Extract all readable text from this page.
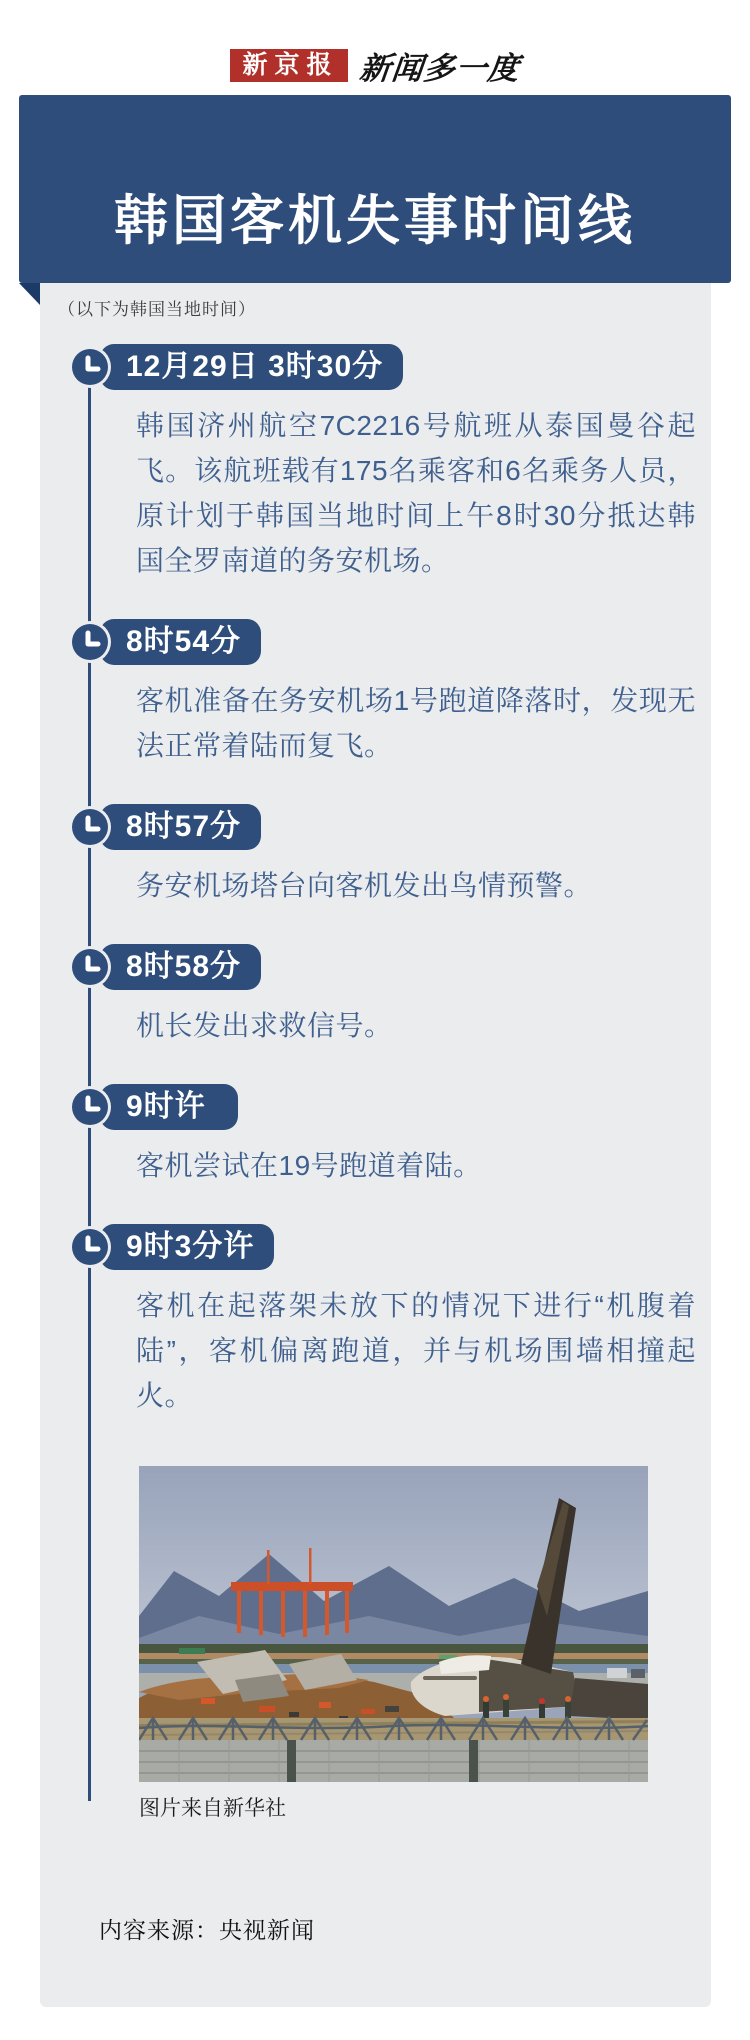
新京报 新闻多一度
韩国客机失事时间线
（以下为韩国当地时间）
12月29日 3时30分

韩国济州航空7C2216号航班从泰国曼谷起飞。该航班载有175名乘客和6名乘务人员，原计划于韩国当地时间上午8时30分抵达韩国全罗南道的务安机场。

8时54分

客机准备在务安机场1号跑道降落时，发现无法正常着陆而复飞。

8时57分

务安机场塔台向客机发出鸟情预警。

8时58分

机长发出求救信号。

9时许

客机尝试在19号跑道着陆。

9时3分许

客机在起落架未放下的情况下进行“机腹着陆”，客机偏离跑道，并与机场围墙相撞起火。

图片来自新华社
内容来源：央视新闻
